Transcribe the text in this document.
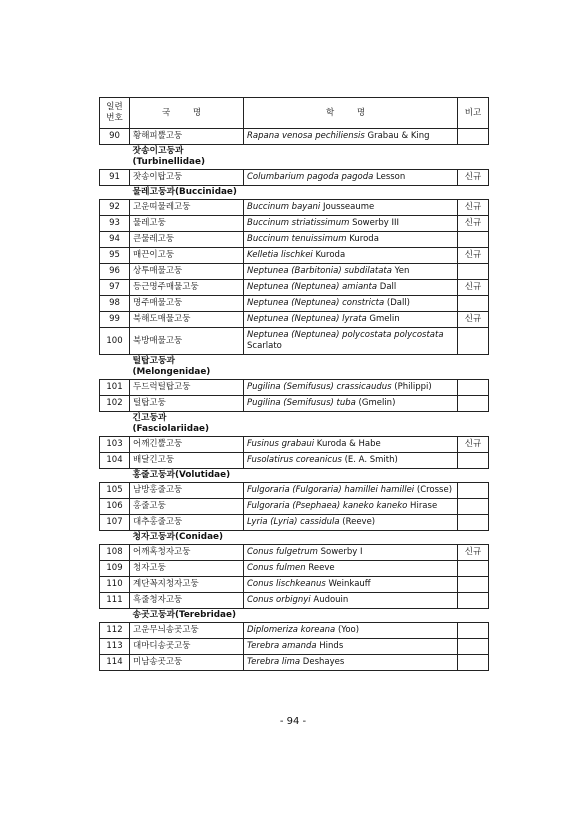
일련
번호	국 명	학 명	비고
90	황해피뿔고둥	Rapana venosa pechiliensis Grabau & King	

	잣송이고둥과
(Turbinellidae)		

91	잣송이탑고둥	Columbarium pagoda pagoda Lesson	신규

	물레고둥과(Buccinidae)		

92	고운띠물레고둥	Buccinum bayani Jousseaume	신규
93	물레고둥	Buccinum striatissimum Sowerby III	신규
94	큰물레고둥	Buccinum tenuissimum Kuroda	
95	매끈이고둥	Kelletia lischkei Kuroda	신규
96	상투매물고둥	Neptunea (Barbitonia) subdilatata Yen	
97	등근명주매물고둥	Neptunea (Neptunea) amianta Dall	신규
98	명주매물고둥	Neptunea (Neptunea) constricta (Dall)	
99	북해도매물고둥	Neptunea (Neptunea) lyrata Gmelin	신규
100	북방매물고둥	Neptunea (Neptunea) polycostata polycostata Scarlato	

	털탑고둥과
(Melongenidae)		

101	두드럭털탑고둥	Pugilina (Semifusus) crassicaudus (Philippi)	
102	털탑고둥	Pugilina (Semifusus) tuba (Gmelin)	

	긴고둥과
(Fasciolariidae)		

103	어깨긴뿔고둥	Fusinus grabaui Kuroda & Habe	신규
104	배달긴고둥	Fusolatirus coreanicus (E. A. Smith)	

	홍줄고둥과(Volutidae)		

105	남방홍줄고둥	Fulgoraria (Fulgoraria) hamillei hamillei (Crosse)	
106	홍줄고둥	Fulgoraria (Psephaea) kaneko kaneko Hirase	
107	대추홍줄고둥	Lyria (Lyria) cassidula (Reeve)	

	청자고둥과(Conidae)		

108	어깨혹청자고둥	Conus fulgetrum Sowerby I	신규
109	청자고둥	Conus fulmen Reeve	
110	계단꼭지청자고둥	Conus lischkeanus Weinkauff	
111	흑줄청자고둥	Conus orbignyi Audouin	

	송곳고둥과(Terebridae)		

112	고운무늬송곳고둥	Diplomeriza koreana (Yoo)	
113	대마디송곳고둥	Terebra amanda Hinds	
114	미남송곳고둥	Terebra lima Deshayes	
- 94 -
